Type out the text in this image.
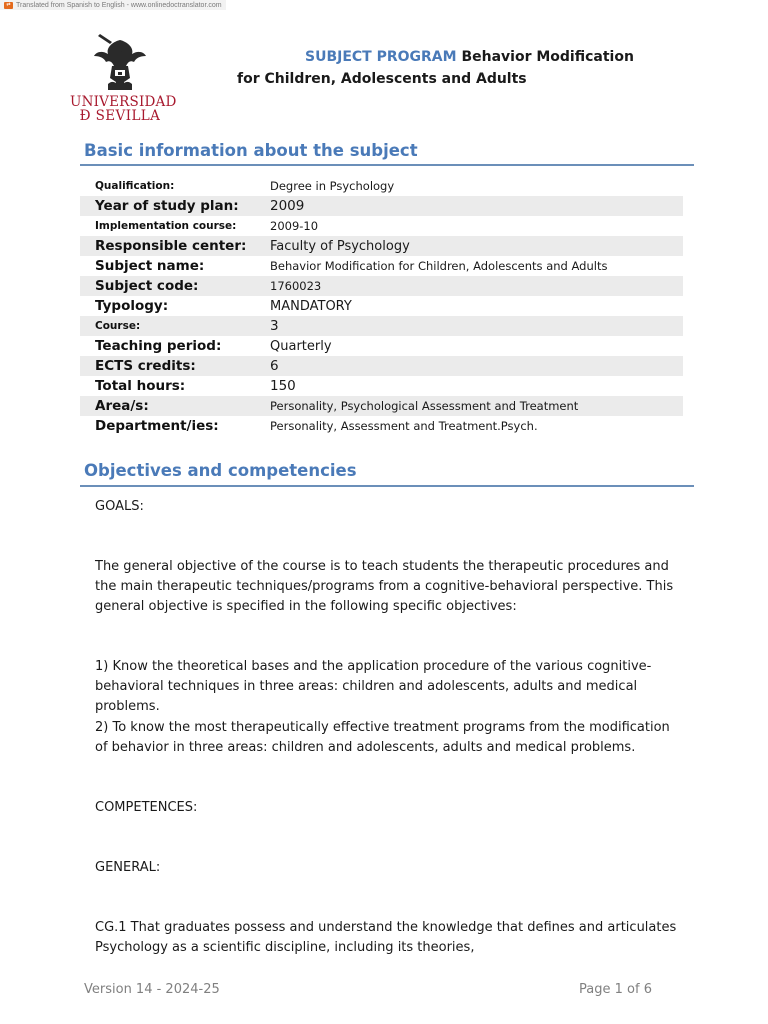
⇄ Translated from Spanish to English - www.onlinedoctranslator.com
UNIVERSIDAD
Ð SEVILLA
SUBJECT PROGRAM Behavior Modification
for Children, Adolescents and Adults
Basic information about the subject
Qualification:	Degree in Psychology
Year of study plan: 2009
Implementation course:	2009-10
Responsible center: Faculty of Psychology
Subject name:	Behavior Modification for Children, Adolescents and Adults
Subject code:	1760023
Typology:	MANDATORY
Course:	3
Teaching period:	Quarterly
ECTS credits:	6
Total hours:	150
Area/s:	Personality, Psychological Assessment and Treatment
Department/ies:	Personality, Assessment and Treatment.Psych.
Objectives and competencies
GOALS:
The general objective of the course is to teach students the therapeutic procedures and the main therapeutic techniques/programs from a cognitive-behavioral perspective. This general objective is specified in the following specific objectives:
1) Know the theoretical bases and the application procedure of the various cognitive-behavioral techniques in three areas: children and adolescents, adults and medical problems.
2) To know the most therapeutically effective treatment programs from the modification of behavior in three areas: children and adolescents, adults and medical problems.
COMPETENCES:
GENERAL:
CG.1 That graduates possess and understand the knowledge that defines and articulates Psychology as a scientific discipline, including its theories,
Version 14 - 2024-25	Page 1 of 6
